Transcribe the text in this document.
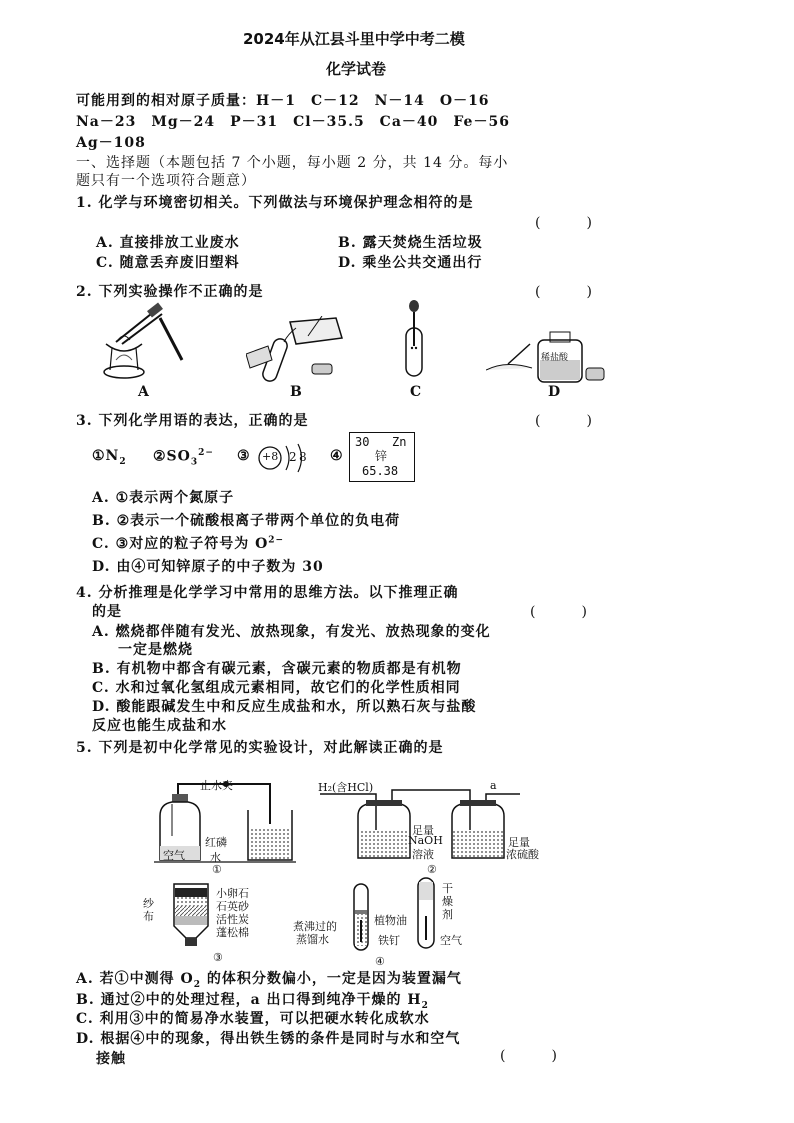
2024年从江县斗里中学中考二模
化学试卷
可能用到的相对原子质量：H－1　C－12　N－14　O－16
Na－23　Mg－24　P－31　Cl－35.5　Ca－40　Fe－56
Ag－108
一、选择题（本题包括 7 个小题，每小题 2 分，共 14 分。每小
题只有一个选项符合题意）
1. 化学与环境密切相关。下列做法与环境保护理念相符的是
(　　　)
A. 直接排放工业废水	B. 露天焚烧生活垃圾
C. 随意丢弃废旧塑料	D. 乘坐公共交通出行
2. 下列实验操作不正确的是	(　　　)
A	B	C
稀盐酸
D
3. 下列化学用语的表达，正确的是	(　　　)
$①N_2$ $②SO_3^{2-}$ ③ +8 2 8 ④
30 Zn
锌
65.38
A. ①表示两个氮原子
B. ②表示一个硫酸根离子带两个单位的负电荷
C. ③对应的粒子符号为 $O^{2-}$
D. 由④可知锌原子的中子数为 30
4. 分析推理是化学学习中常用的思维方法。以下推理正确
的是	(　　　)
A. 燃烧都伴随有发光、放热现象，有发光、放热现象的变化
一定是燃烧
B. 有机物中都含有碳元素，含碳元素的物质都是有机物
C. 水和过氧化氢组成元素相同，故它们的化学性质相同
D. 酸能跟碱发生中和反应生成盐和水，所以熟石灰与盐酸
反应也能生成盐和水
5. 下列是初中化学常见的实验设计，对此解读正确的是
止水夹
红磷
水
空气
①
H₂(含HCl)	a
足量
NaOH
溶液
足量
浓硫酸
②
纱
布
小卵石
石英砂
活性炭
蓬松棉
③
煮沸过的
蒸馏水
植物油
铁钉	空气
干
燥
剂
④
A. 若①中测得 $O_2$ 的体积分数偏小，一定是因为装置漏气
B. 通过②中的处理过程，a 出口得到纯净干燥的 $H_2$
C. 利用③中的简易净水装置，可以把硬水转化成软水
D. 根据④中的现象，得出铁生锈的条件是同时与水和空气
(　　　)
接触
